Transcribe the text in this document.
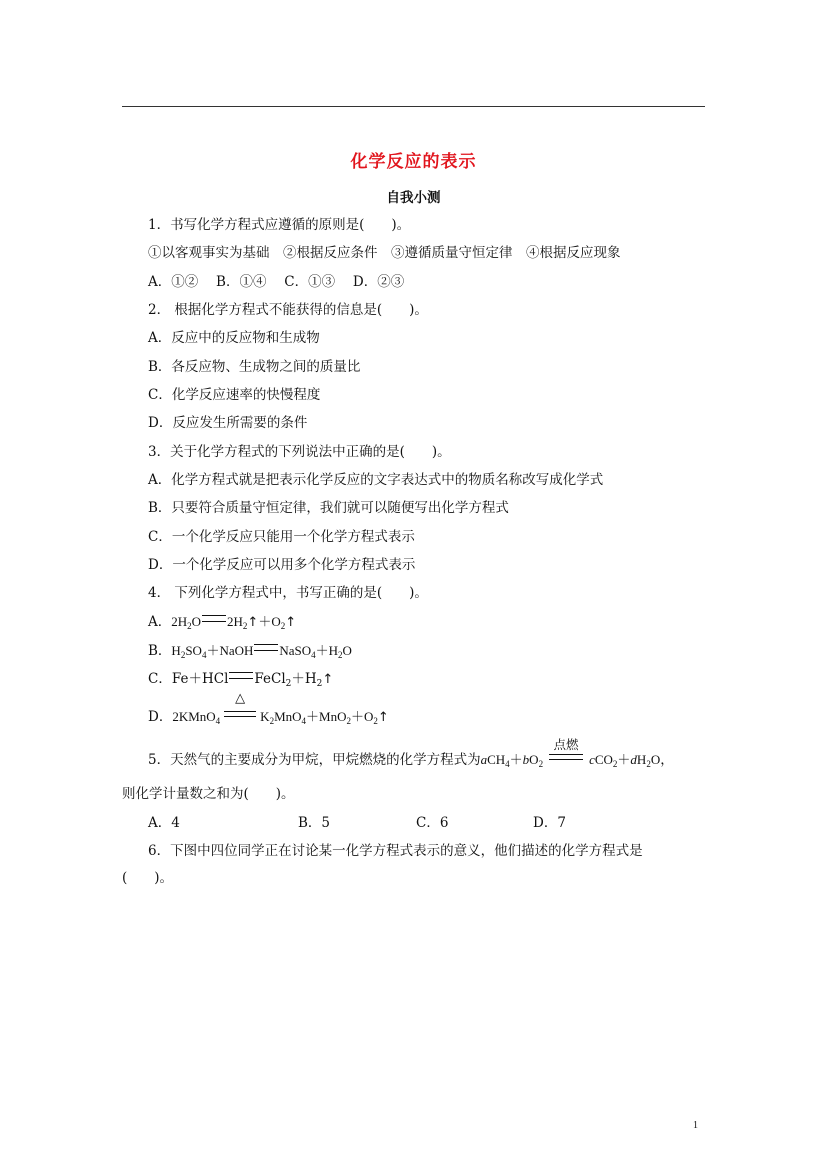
化学反应的表示
自我小测
1．书写化学方程式应遵循的原则是(　　)。
①以客观事实为基础　②根据反应条件　③遵循质量守恒定律　④根据反应现象
A．①②　 B．①④　 C．①③　 D．②③
2． 根据化学方程式不能获得的信息是(　　)。
A．反应中的反应物和生成物
B．各反应物、生成物之间的质量比
C．化学反应速率的快慢程度
D．反应发生所需要的条件
3．关于化学方程式的下列说法中正确的是(　　)。
A．化学方程式就是把表示化学反应的文字表达式中的物质名称改写成化学式
B．只要符合质量守恒定律，我们就可以随便写出化学方程式
C．一个化学反应只能用一个化学方程式表示
D．一个化学反应可以用多个化学方程式表示
4． 下列化学方程式中，书写正确的是(　　)。
A．$2H_2O$ $2H_2↑+O_2↑$
B．$H_2SO_4+NaOH$ $NaSO_4+H_2O$
C．Fe＋HCl $FeCl_2+H_2↑$
D．2KMnO$_4$
△
$K_2MnO_4+MnO_2+O_2↑$
5．天然气的主要成分为甲烷，甲烷燃烧的化学方程式为$aCH_4+bO_2$
点燃
$cCO_2+dH_2O$，
则化学计量数之和为(　　)。
A．4	B．5	C．6	D．7
6．下图中四位同学正在讨论某一化学方程式表示的意义，他们描述的化学方程式是
(　　)。
1
